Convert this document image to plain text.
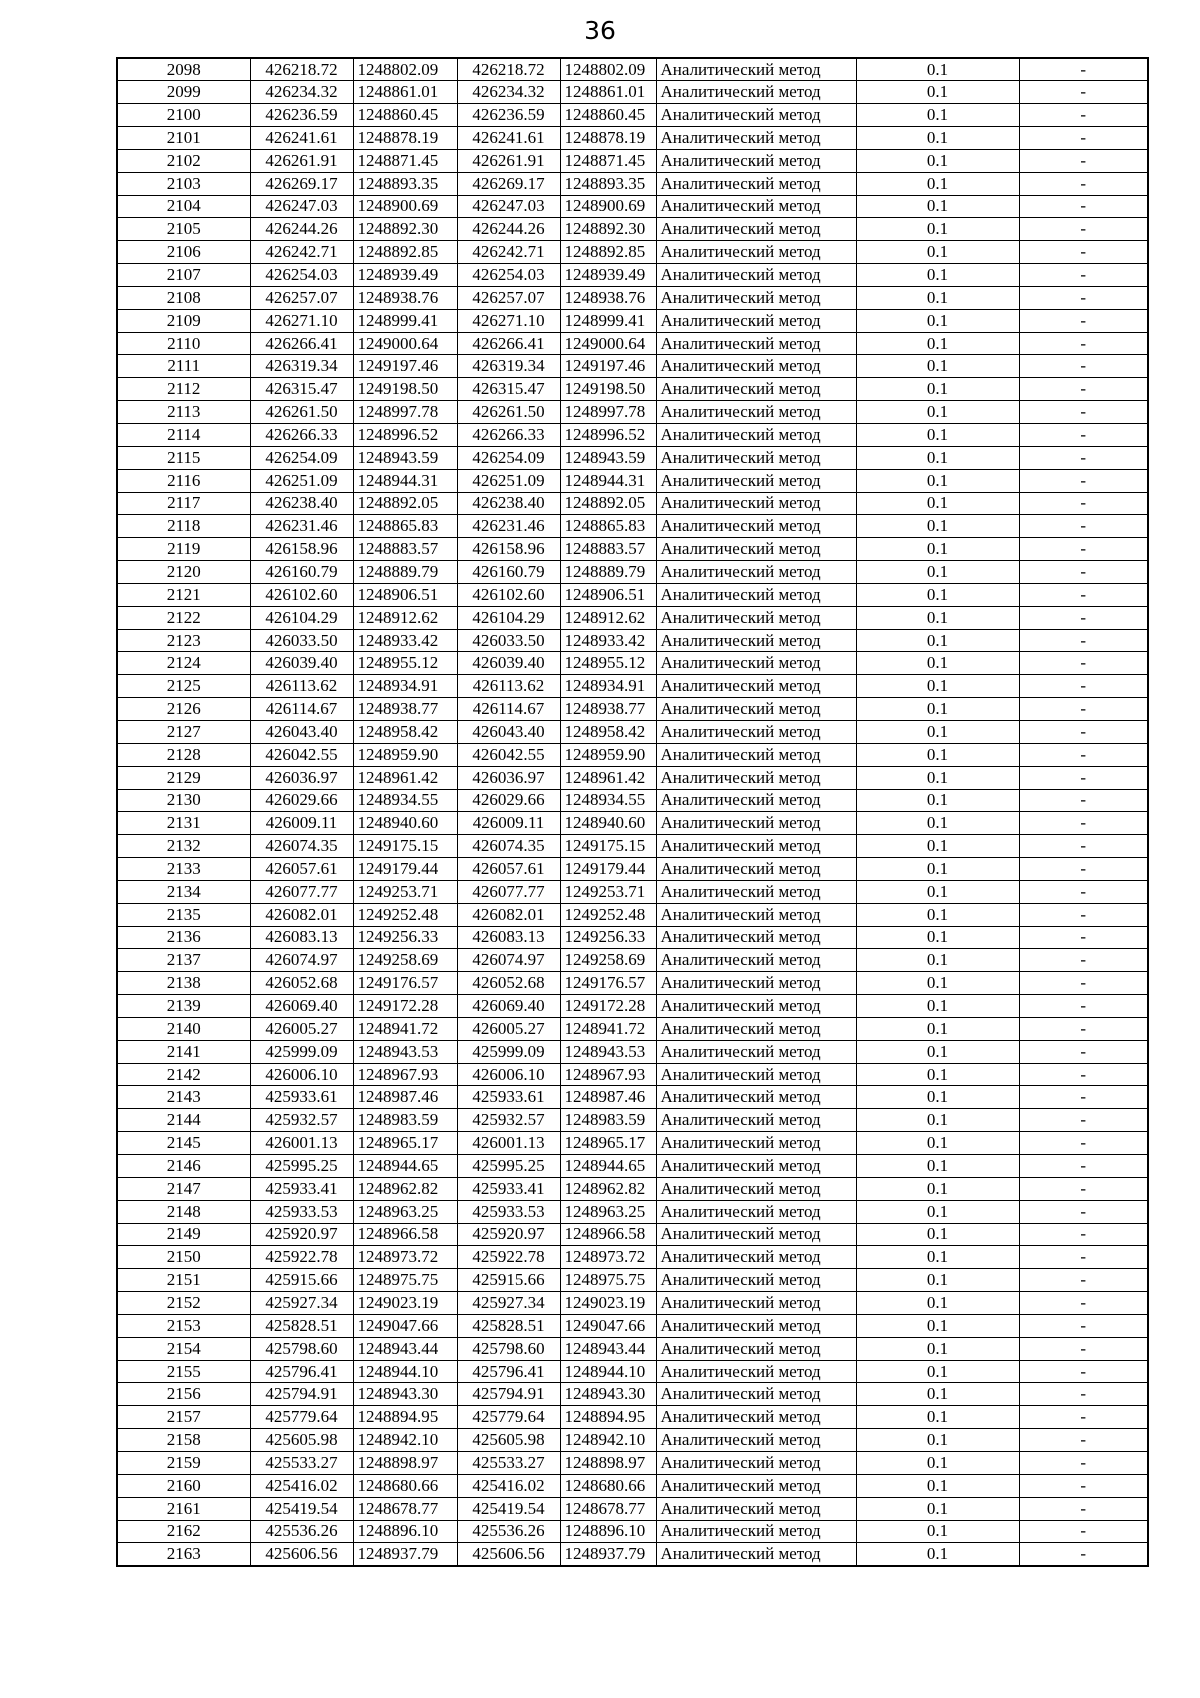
36
2098	426218.72	1248802.09	426218.72	1248802.09	Аналитический метод	0.1	-
2099	426234.32	1248861.01	426234.32	1248861.01	Аналитический метод	0.1	-
2100	426236.59	1248860.45	426236.59	1248860.45	Аналитический метод	0.1	-
2101	426241.61	1248878.19	426241.61	1248878.19	Аналитический метод	0.1	-
2102	426261.91	1248871.45	426261.91	1248871.45	Аналитический метод	0.1	-
2103	426269.17	1248893.35	426269.17	1248893.35	Аналитический метод	0.1	-
2104	426247.03	1248900.69	426247.03	1248900.69	Аналитический метод	0.1	-
2105	426244.26	1248892.30	426244.26	1248892.30	Аналитический метод	0.1	-
2106	426242.71	1248892.85	426242.71	1248892.85	Аналитический метод	0.1	-
2107	426254.03	1248939.49	426254.03	1248939.49	Аналитический метод	0.1	-
2108	426257.07	1248938.76	426257.07	1248938.76	Аналитический метод	0.1	-
2109	426271.10	1248999.41	426271.10	1248999.41	Аналитический метод	0.1	-
2110	426266.41	1249000.64	426266.41	1249000.64	Аналитический метод	0.1	-
2111	426319.34	1249197.46	426319.34	1249197.46	Аналитический метод	0.1	-
2112	426315.47	1249198.50	426315.47	1249198.50	Аналитический метод	0.1	-
2113	426261.50	1248997.78	426261.50	1248997.78	Аналитический метод	0.1	-
2114	426266.33	1248996.52	426266.33	1248996.52	Аналитический метод	0.1	-
2115	426254.09	1248943.59	426254.09	1248943.59	Аналитический метод	0.1	-
2116	426251.09	1248944.31	426251.09	1248944.31	Аналитический метод	0.1	-
2117	426238.40	1248892.05	426238.40	1248892.05	Аналитический метод	0.1	-
2118	426231.46	1248865.83	426231.46	1248865.83	Аналитический метод	0.1	-
2119	426158.96	1248883.57	426158.96	1248883.57	Аналитический метод	0.1	-
2120	426160.79	1248889.79	426160.79	1248889.79	Аналитический метод	0.1	-
2121	426102.60	1248906.51	426102.60	1248906.51	Аналитический метод	0.1	-
2122	426104.29	1248912.62	426104.29	1248912.62	Аналитический метод	0.1	-
2123	426033.50	1248933.42	426033.50	1248933.42	Аналитический метод	0.1	-
2124	426039.40	1248955.12	426039.40	1248955.12	Аналитический метод	0.1	-
2125	426113.62	1248934.91	426113.62	1248934.91	Аналитический метод	0.1	-
2126	426114.67	1248938.77	426114.67	1248938.77	Аналитический метод	0.1	-
2127	426043.40	1248958.42	426043.40	1248958.42	Аналитический метод	0.1	-
2128	426042.55	1248959.90	426042.55	1248959.90	Аналитический метод	0.1	-
2129	426036.97	1248961.42	426036.97	1248961.42	Аналитический метод	0.1	-
2130	426029.66	1248934.55	426029.66	1248934.55	Аналитический метод	0.1	-
2131	426009.11	1248940.60	426009.11	1248940.60	Аналитический метод	0.1	-
2132	426074.35	1249175.15	426074.35	1249175.15	Аналитический метод	0.1	-
2133	426057.61	1249179.44	426057.61	1249179.44	Аналитический метод	0.1	-
2134	426077.77	1249253.71	426077.77	1249253.71	Аналитический метод	0.1	-
2135	426082.01	1249252.48	426082.01	1249252.48	Аналитический метод	0.1	-
2136	426083.13	1249256.33	426083.13	1249256.33	Аналитический метод	0.1	-
2137	426074.97	1249258.69	426074.97	1249258.69	Аналитический метод	0.1	-
2138	426052.68	1249176.57	426052.68	1249176.57	Аналитический метод	0.1	-
2139	426069.40	1249172.28	426069.40	1249172.28	Аналитический метод	0.1	-
2140	426005.27	1248941.72	426005.27	1248941.72	Аналитический метод	0.1	-
2141	425999.09	1248943.53	425999.09	1248943.53	Аналитический метод	0.1	-
2142	426006.10	1248967.93	426006.10	1248967.93	Аналитический метод	0.1	-
2143	425933.61	1248987.46	425933.61	1248987.46	Аналитический метод	0.1	-
2144	425932.57	1248983.59	425932.57	1248983.59	Аналитический метод	0.1	-
2145	426001.13	1248965.17	426001.13	1248965.17	Аналитический метод	0.1	-
2146	425995.25	1248944.65	425995.25	1248944.65	Аналитический метод	0.1	-
2147	425933.41	1248962.82	425933.41	1248962.82	Аналитический метод	0.1	-
2148	425933.53	1248963.25	425933.53	1248963.25	Аналитический метод	0.1	-
2149	425920.97	1248966.58	425920.97	1248966.58	Аналитический метод	0.1	-
2150	425922.78	1248973.72	425922.78	1248973.72	Аналитический метод	0.1	-
2151	425915.66	1248975.75	425915.66	1248975.75	Аналитический метод	0.1	-
2152	425927.34	1249023.19	425927.34	1249023.19	Аналитический метод	0.1	-
2153	425828.51	1249047.66	425828.51	1249047.66	Аналитический метод	0.1	-
2154	425798.60	1248943.44	425798.60	1248943.44	Аналитический метод	0.1	-
2155	425796.41	1248944.10	425796.41	1248944.10	Аналитический метод	0.1	-
2156	425794.91	1248943.30	425794.91	1248943.30	Аналитический метод	0.1	-
2157	425779.64	1248894.95	425779.64	1248894.95	Аналитический метод	0.1	-
2158	425605.98	1248942.10	425605.98	1248942.10	Аналитический метод	0.1	-
2159	425533.27	1248898.97	425533.27	1248898.97	Аналитический метод	0.1	-
2160	425416.02	1248680.66	425416.02	1248680.66	Аналитический метод	0.1	-
2161	425419.54	1248678.77	425419.54	1248678.77	Аналитический метод	0.1	-
2162	425536.26	1248896.10	425536.26	1248896.10	Аналитический метод	0.1	-
2163	425606.56	1248937.79	425606.56	1248937.79	Аналитический метод	0.1	-
